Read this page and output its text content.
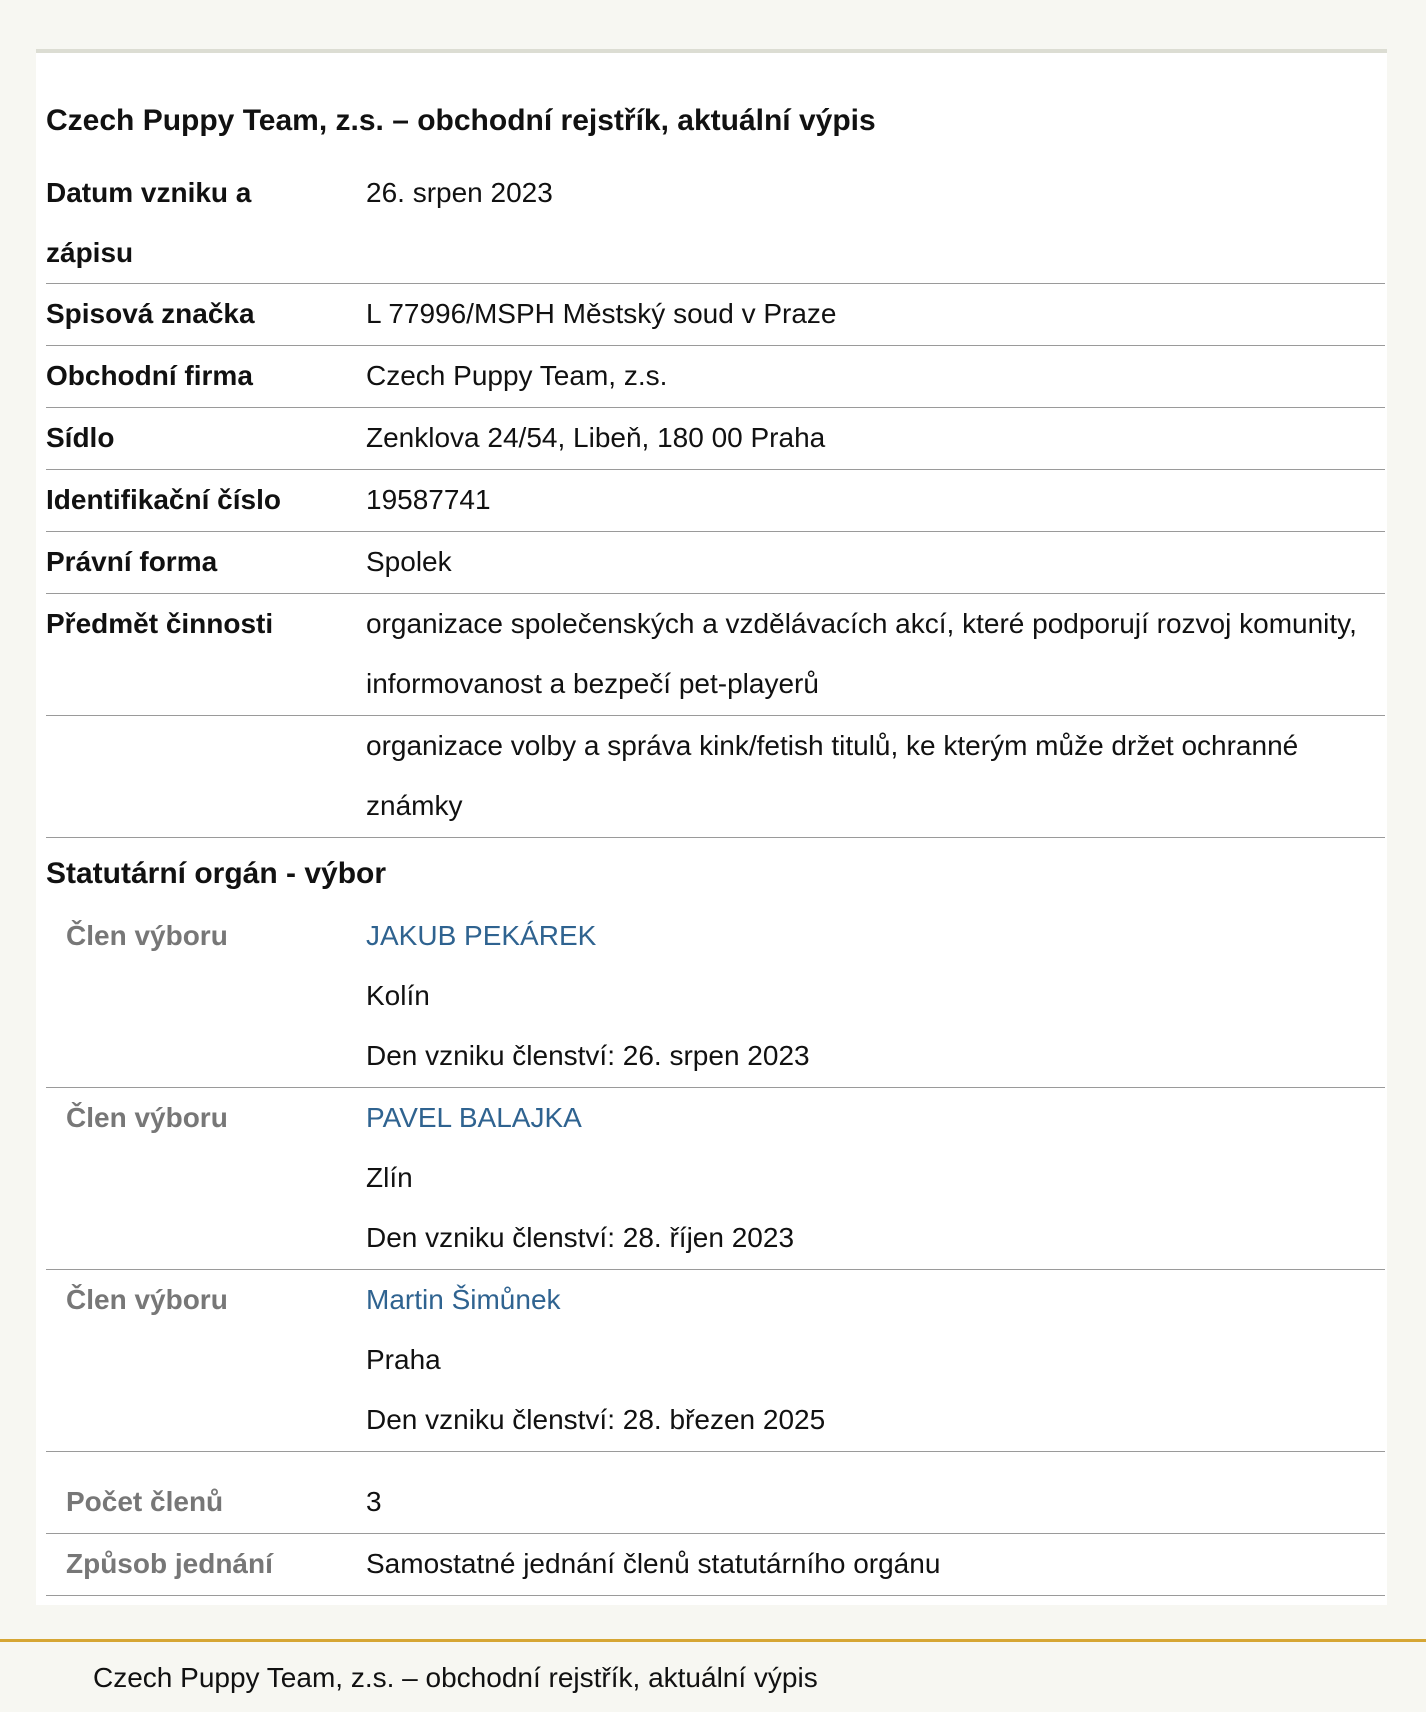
Czech Puppy Team, z.s. – obchodní rejstřík, aktuální výpis
Datum vzniku a zápisu
26. srpen 2023
Spisová značka	L 77996/MSPH Městský soud v Praze
Obchodní firma	Czech Puppy Team, z.s.
Sídlo	Zenklova 24/54, Libeň, 180 00 Praha
Identifikační číslo	19587741
Právní forma	Spolek
Předmět činnosti	organizace společenských a vzdělávacích akcí, které podporují rozvoj komunity, informovanost a bezpečí pet-playerů
organizace volby a správa kink/fetish titulů, ke kterým může držet ochranné známky
Statutární orgán - výbor
Člen výboru	JAKUB PEKÁREK
Kolín
Den vzniku členství: 26. srpen 2023
Člen výboru	PAVEL BALAJKA
Zlín
Den vzniku členství: 28. říjen 2023
Člen výboru	Martin Šimůnek
Praha
Den vzniku členství: 28. březen 2025
Počet členů	3
Způsob jednání	Samostatné jednání členů statutárního orgánu
Czech Puppy Team, z.s. – obchodní rejstřík, aktuální výpis
